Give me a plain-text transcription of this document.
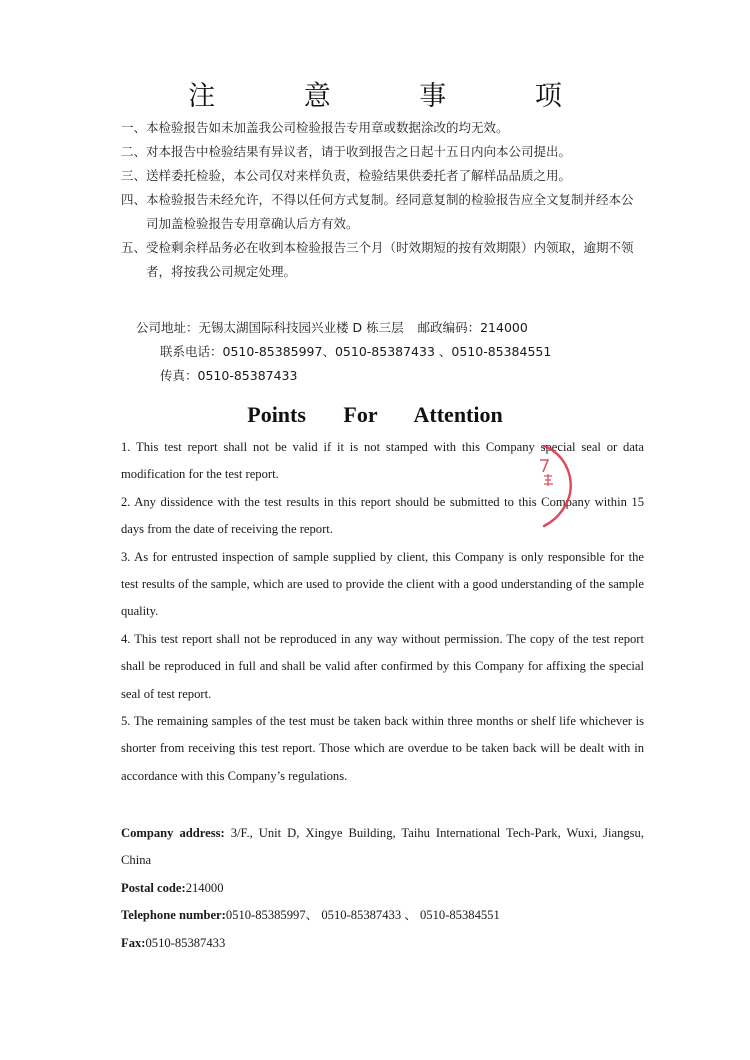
注 意 事 项
一、 本检验报告如未加盖我公司检验报告专用章或数据涂改的均无效。
二、 对本报告中检验结果有异议者，请于收到报告之日起十五日内向本公司提出。
三、 送样委托检验，本公司仅对来样负责，检验结果供委托者了解样品品质之用。
四、 本检验报告未经允许，不得以任何方式复制。经同意复制的检验报告应全文复制并经本公司加盖检验报告专用章确认后方有效。
五、 受检剩余样品务必在收到本检验报告三个月（时效期短的按有效期限）内领取，逾期不领者，将按我公司规定处理。
公司地址：无锡太湖国际科技园兴业楼 D 栋三层 邮政编码：214000
联系电话：0510-85385997、0510-85387433 、0510-85384551
传真：0510-85387433
Points For Attention

1. This test report shall not be valid if it is not stamped with this Company special seal or data modification for the test report.

2. Any dissidence with the test results in this report should be submitted to this Company within 15 days from the date of receiving the report.

3. As for entrusted inspection of sample supplied by client, this Company is only responsible for the test results of the sample, which are used to provide the client with a good understanding of the sample quality.

4. This test report shall not be reproduced in any way without permission. The copy of the test report shall be reproduced in full and shall be valid after confirmed by this Company for affixing the special seal of test report.

5. The remaining samples of the test must be taken back within three months or shelf life whichever is shorter from receiving this test report. Those which are overdue to be taken back will be dealt with in accordance with this Company’s regulations.

Company address: 3/F., Unit D, Xingye Building, Taihu International Tech-Park, Wuxi, Jiangsu, China

Postal code:214000

Telephone number:0510-85385997、 0510-85387433 、 0510-85384551

Fax:0510-85387433
